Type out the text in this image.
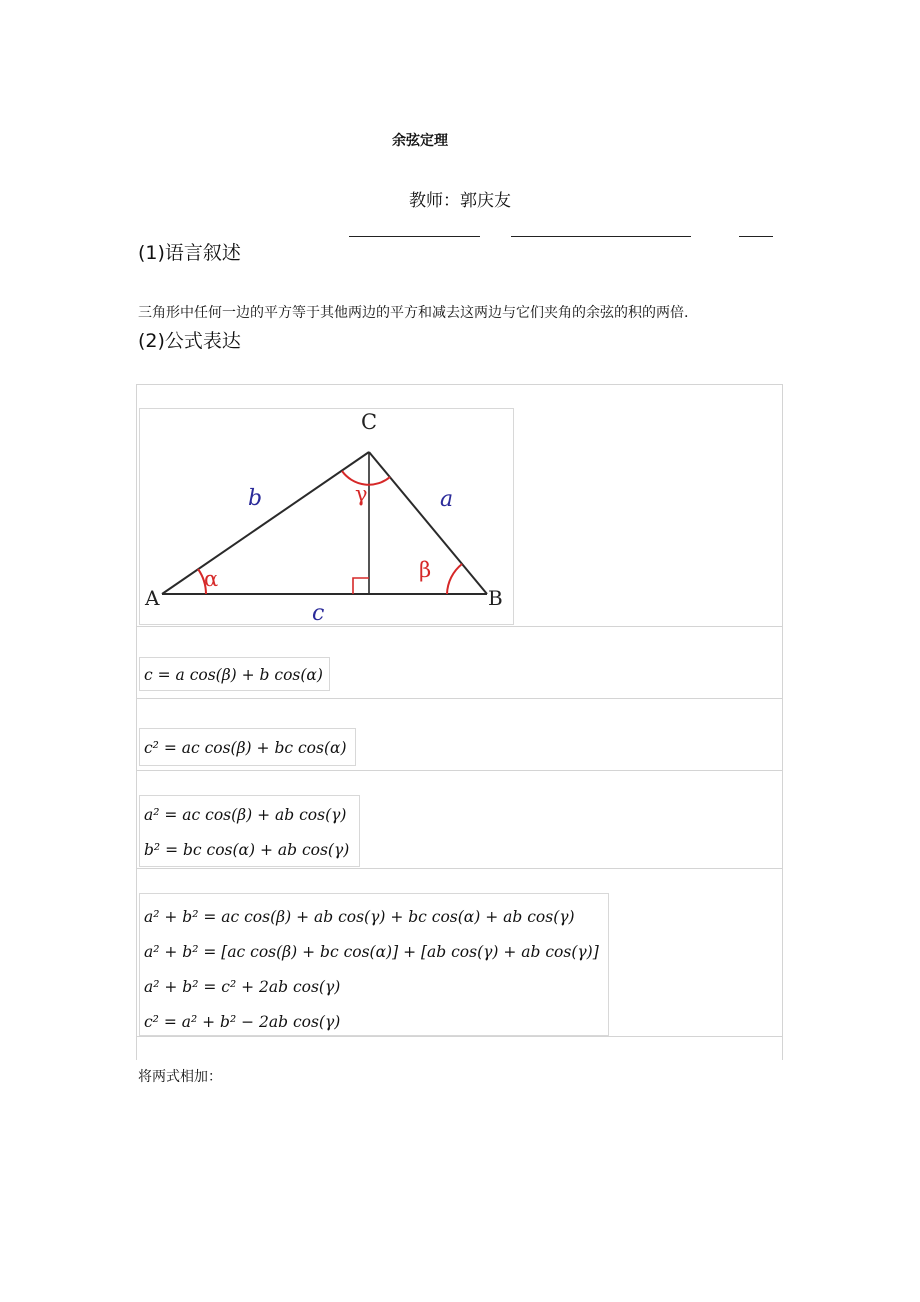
余弦定理
教师：郭庆友
(1)语言叙述
三角形中任何一边的平方等于其他两边的平方和减去这两边与它们夹角的余弦的积的两倍.
(2)公式表达
C
A	B
b	a
c
α	β
γ
c = a cos(β) + b cos(α)
c² = ac cos(β) + bc cos(α)
a² = ac cos(β) + ab cos(γ)
b² = bc cos(α) + ab cos(γ)
a² + b² = ac cos(β) + ab cos(γ) + bc cos(α) + ab cos(γ)
a² + b² = [ac cos(β) + bc cos(α)] + [ab cos(γ) + ab cos(γ)]
a² + b² = c² + 2ab cos(γ)
c² = a² + b² − 2ab cos(γ)
将两式相加：
